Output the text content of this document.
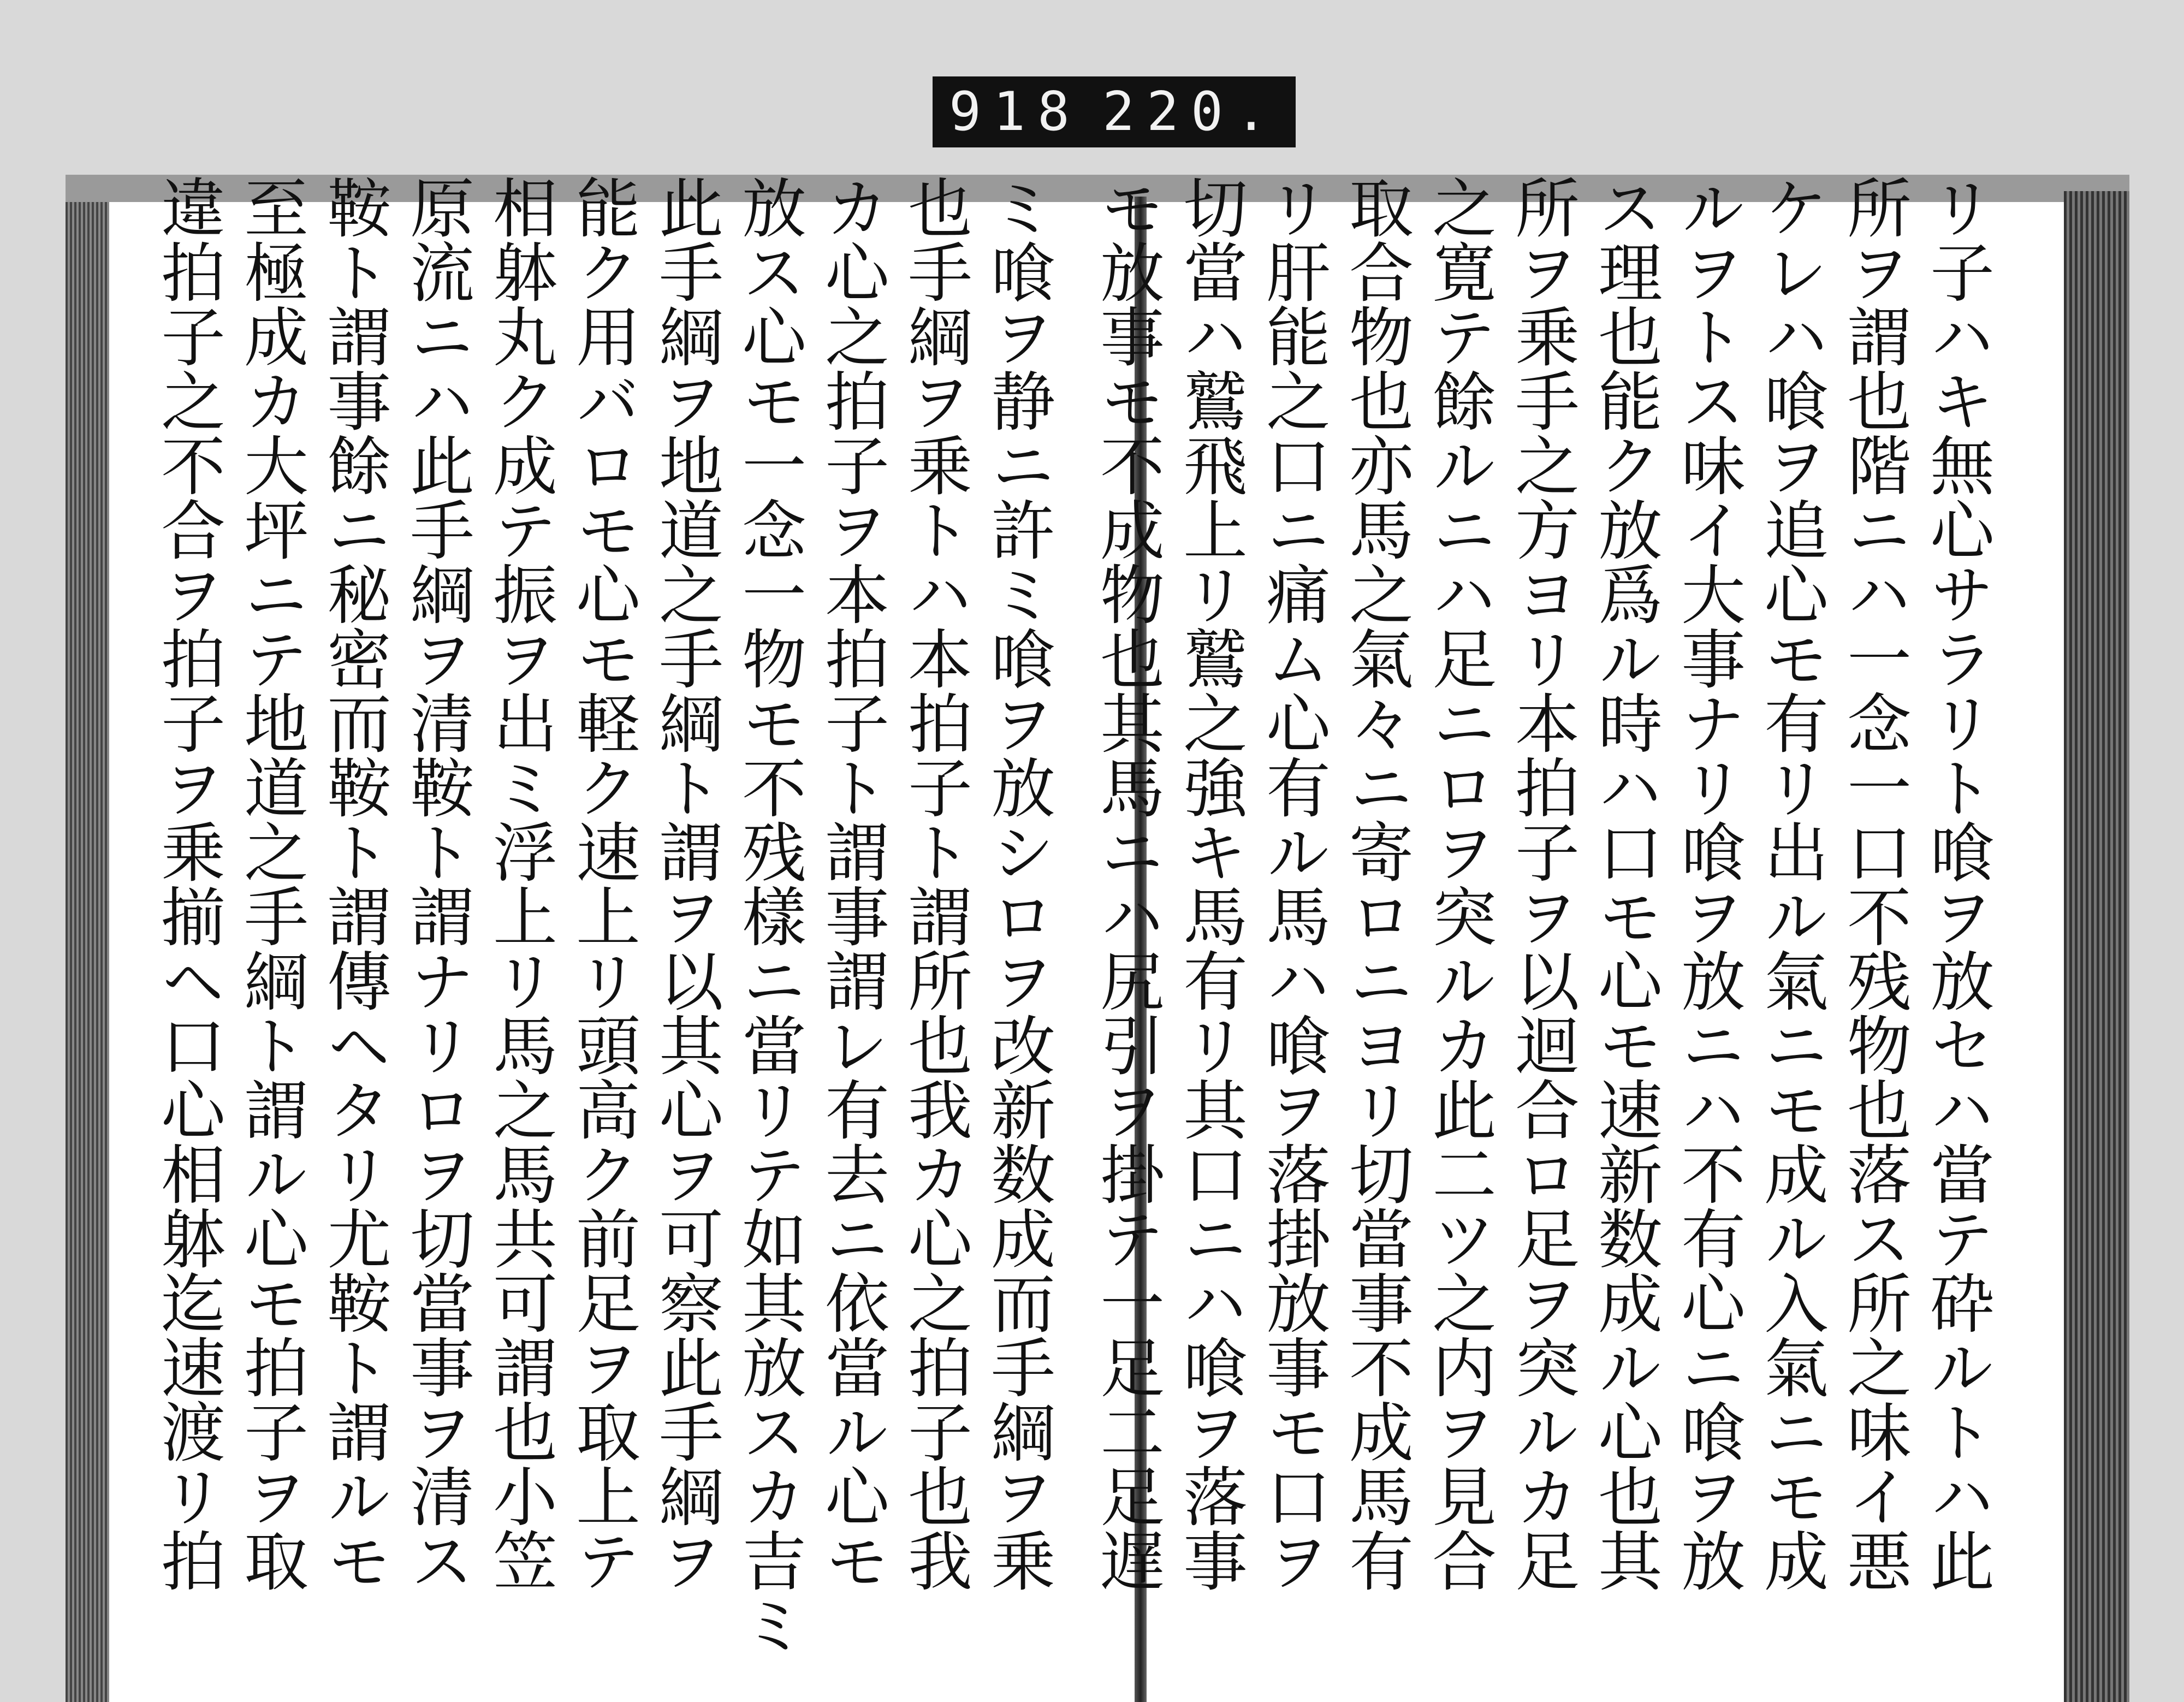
918 220.

リ子ハキ無心サラリト喰ヲ放セハ當テ砕ルトハ此

所ヲ謂也階ニハ一念一口不残物也落ス所之味イ悪

ケレハ喰ヲ追心モ有リ出ル氣ニモ成ル入氣ニモ成

ルヲトス味イ大事ナリ喰ヲ放ニハ不有心ニ喰ヲ放

ス理也能ク放爲ル時ハ口モ心モ速新数成ル心也其

所ヲ乗手之方ヨリ本拍子ヲ以迴合ロ足ヲ突ルカ足

之寛テ餘ルニハ足ニロヲ突ルカ此二ツ之内ヲ見合

取合物也亦馬之氣々ニ寄ロニヨリ切當事不成馬有

リ肝能之口ニ痛ム心有ル馬ハ喰ヲ落掛放事モ口ヲ

切當ハ鷲飛上リ鷲之強キ馬有リ其口ニハ喰ヲ落事

モ放事モ不成物也其馬ニハ尻引ヲ掛テ一足二足遅

ミ喰ヲ静ニ許ミ喰ヲ放シロヲ改新数成而手綱ヲ乗

也手綱ヲ乗トハ本拍子ト謂所也我カ心之拍子也我

カ心之拍子ヲ本拍子ト謂事謂レ有去ニ依當ル心モ

放ス心モ一念一物モ不残樣ニ當リテ如其放スカ吉ミ

此手綱ヲ地道之手綱ト謂ヲ以其心ヲ可察此手綱ヲ

能ク用バロモ心モ軽ク速上リ頭高ク前足ヲ取上テ

相躰丸ク成テ振ヲ出ミ浮上リ馬之馬共可謂也小笠

原流ニハ此手綱ヲ清鞍ト謂ナリロヲ切當事ヲ清ス

鞍ト謂事餘ニ秘密而鞍ト謂傳ヘタリ尤鞍ト謂ルモ

至極成カ大坪ニテ地道之手綱ト謂ル心モ拍子ヲ取

違拍子之不合ヲ拍子ヲ乗揃ヘ口心相躰迄速渡リ拍
